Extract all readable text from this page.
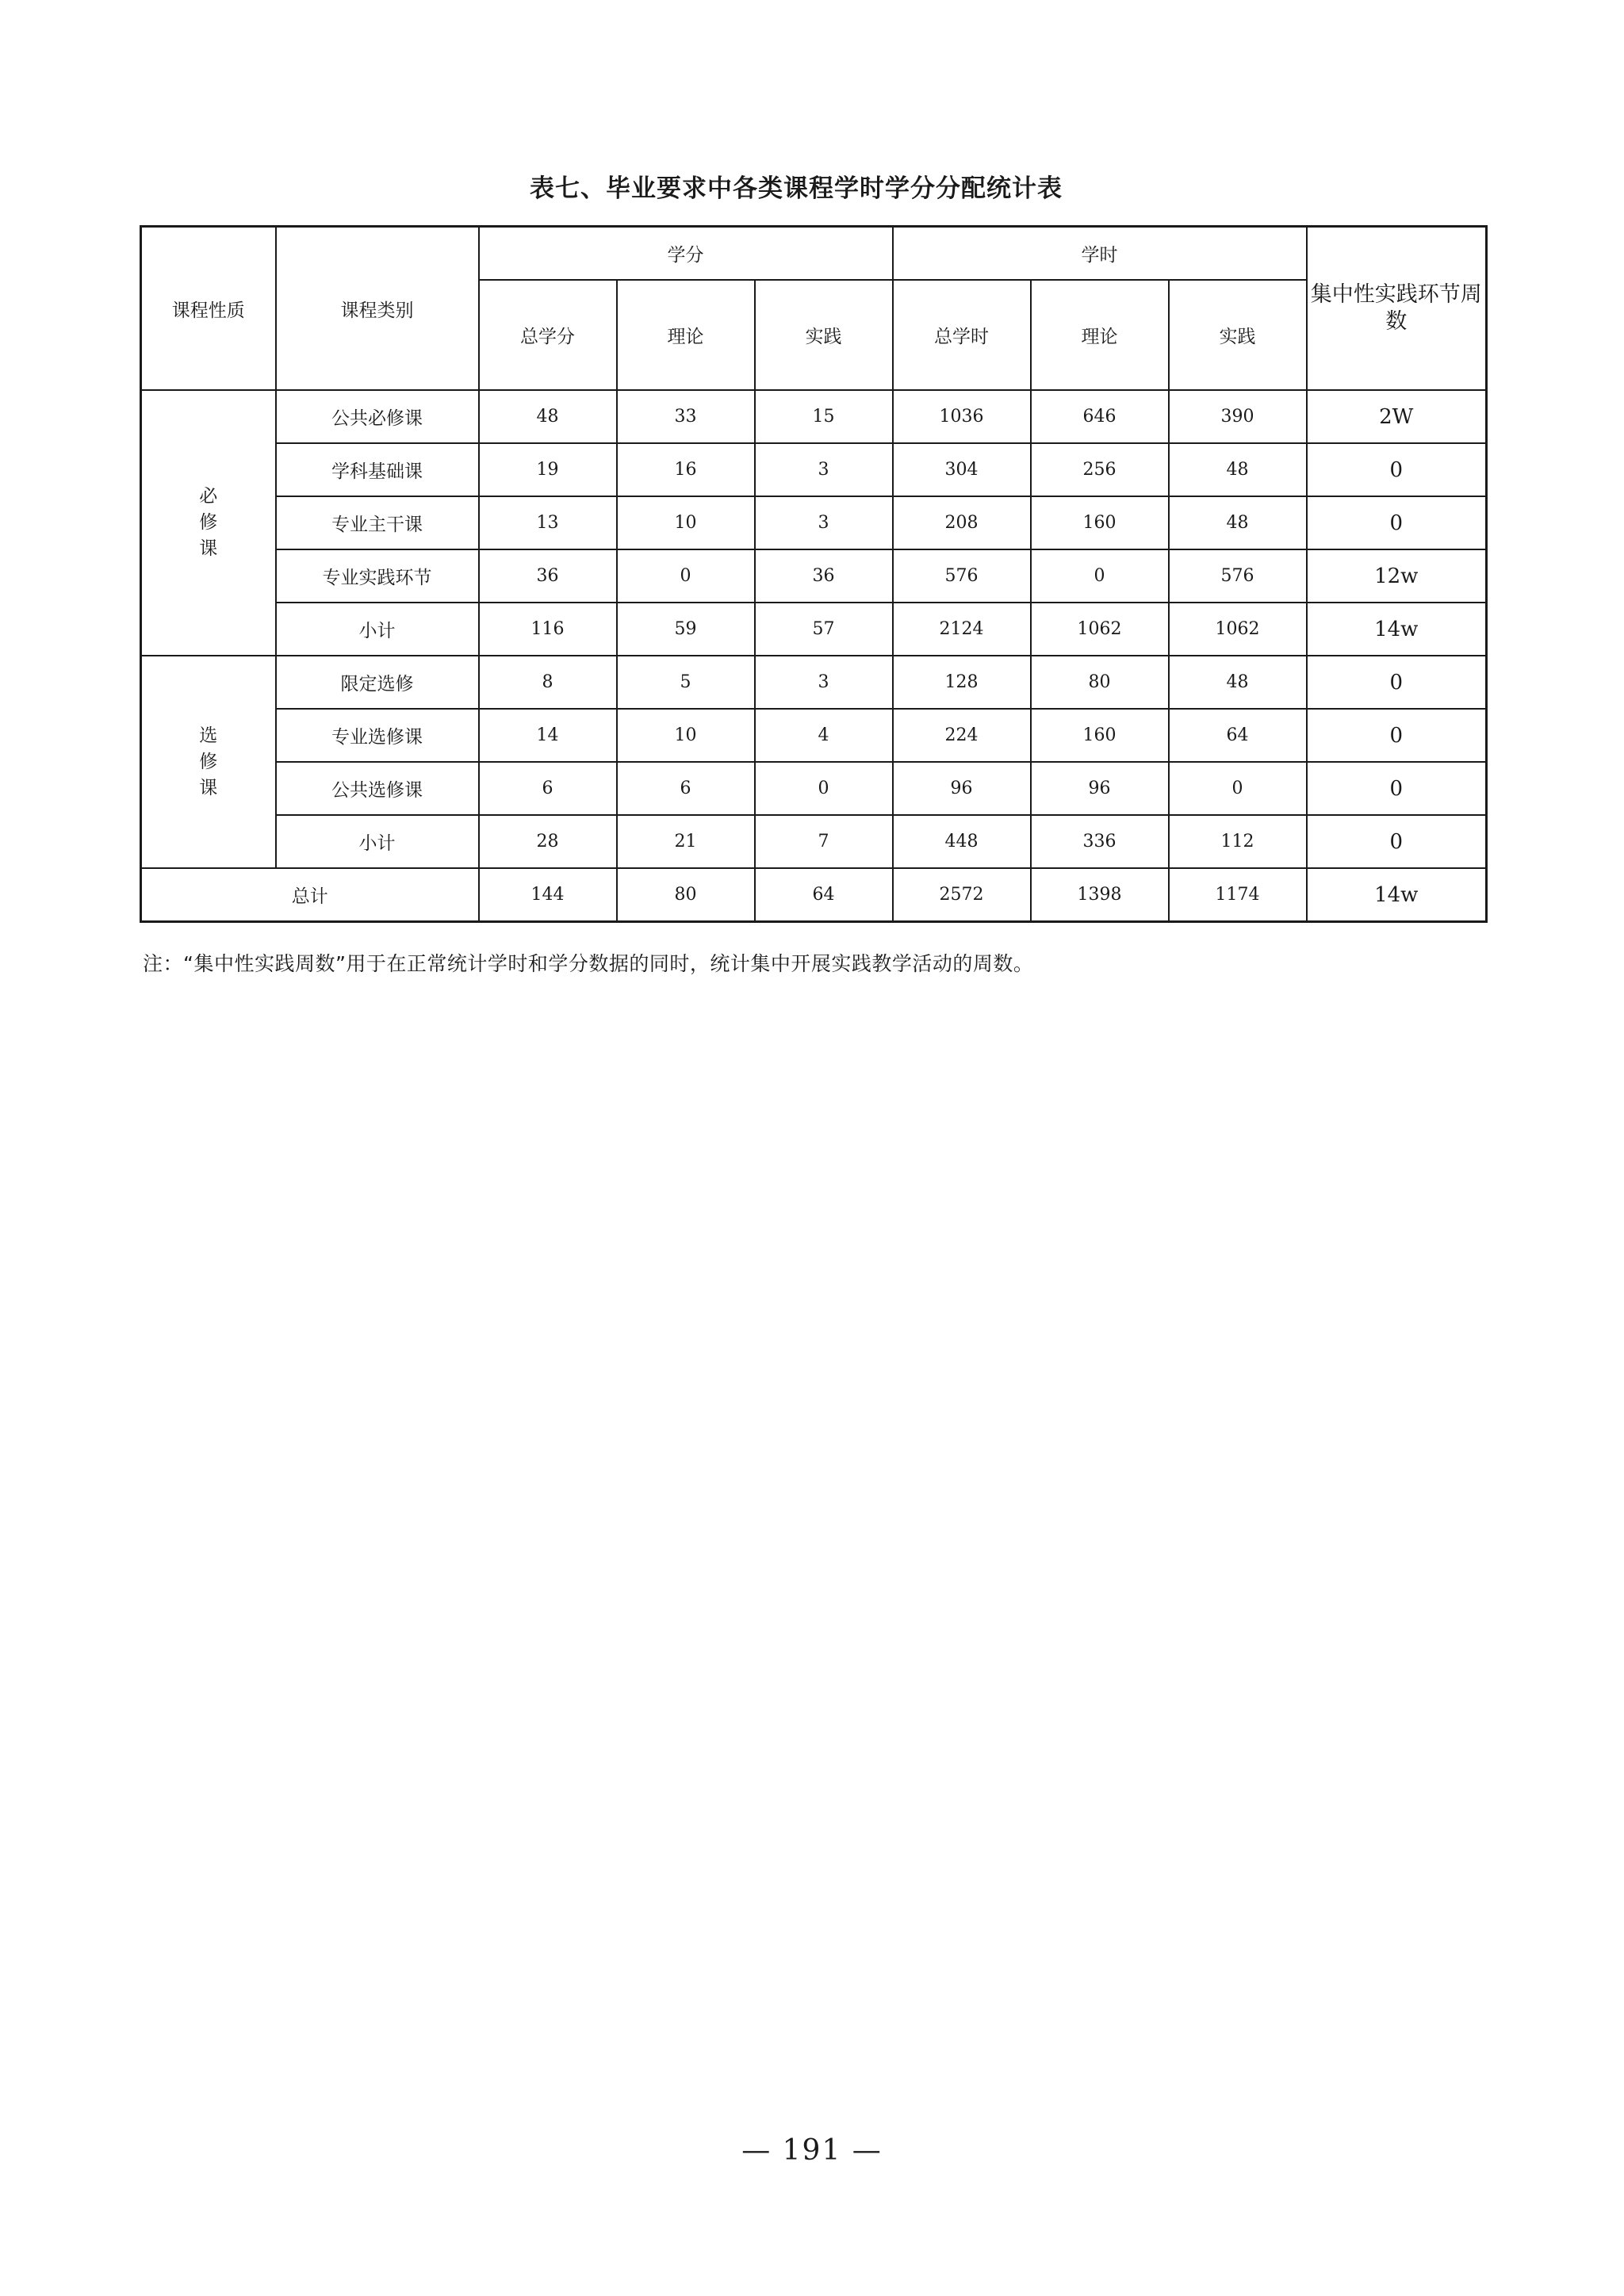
表七、毕业要求中各类课程学时学分分配统计表
课程性质	课程类别	学分			学时			集中性实践环节周数
		总学分	理论	实践	总学时	理论	实践	
必修课	公共必修课	48	33	15	1036	646	390	2W
	学科基础课	19	16	3	304	256	48	0
	专业主干课	13	10	3	208	160	48	0
	专业实践环节	36	0	36	576	0	576	12w
	小计	116	59	57	2124	1062	1062	14w
选修课	限定选修	8	5	3	128	80	48	0
	专业选修课	14	10	4	224	160	64	0
	公共选修课	6	6	0	96	96	0	0
	小计	28	21	7	448	336	112	0
总计		144	80	64	2572	1398	1174	14w
注：“集中性实践周数”用于在正常统计学时和学分数据的同时，统计集中开展实践教学活动的周数。
— 191 —
